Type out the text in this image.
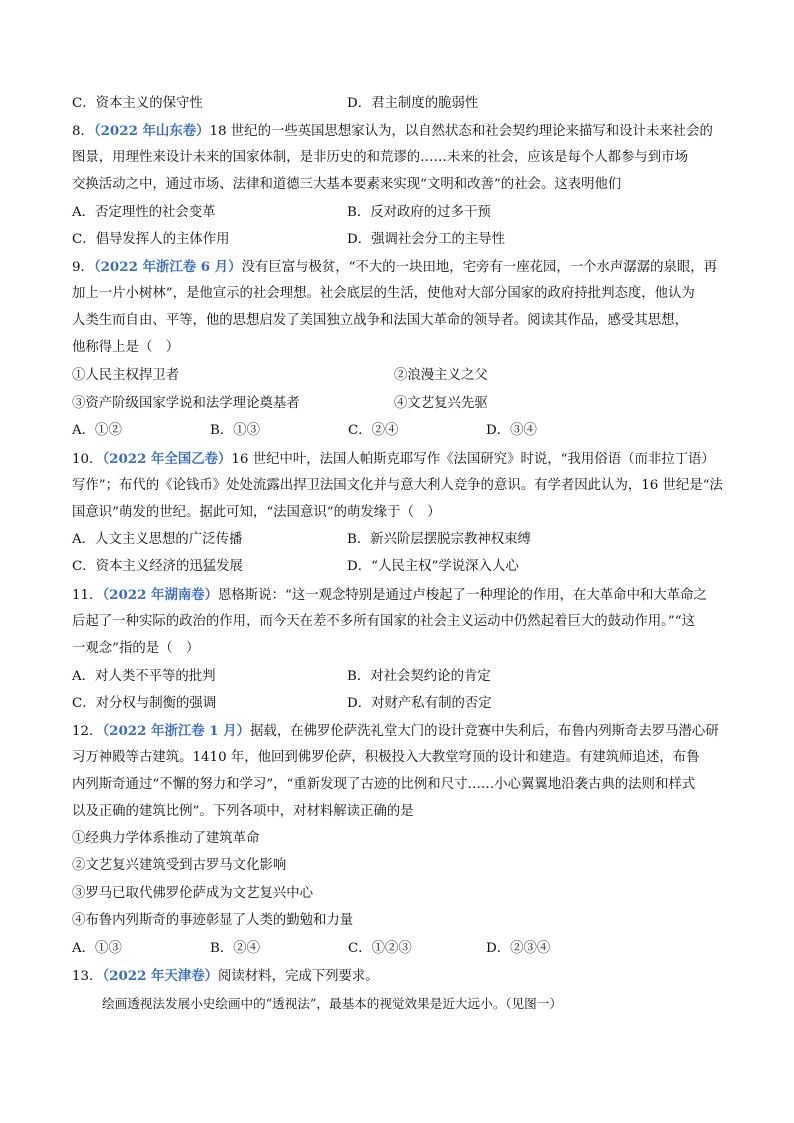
C．资本主义的保守性	D．君主制度的脆弱性
8．（2022 年山东卷）18 世纪的一些英国思想家认为，以自然状态和社会契约理论来描写和设计未来社会的
图景，用理性来设计未来的国家体制，是非历史的和荒谬的……未来的社会，应该是每个人都参与到市场
交换活动之中，通过市场、法律和道德三大基本要素来实现“文明和改善”的社会。这表明他们
A．否定理性的社会变革	B．反对政府的过多干预
C．倡导发挥人的主体作用	D．强调社会分工的主导性
9．（2022 年浙江卷 6 月）没有巨富与极贫，“不大的一块田地，宅旁有一座花园，一个水声潺潺的泉眼，再
加上一片小树林”，是他宣示的社会理想。社会底层的生活，使他对大部分国家的政府持批判态度，他认为
人类生而自由、平等，他的思想启发了美国独立战争和法国大革命的领导者。阅读其作品，感受其思想，
他称得上是（　）
①人民主权捍卫者	②浪漫主义之父
③资产阶级国家学说和法学理论奠基者	④文艺复兴先驱
A．①②	B．①③	C．②④	D．③④
10．（2022 年全国乙卷）16 世纪中叶，法国人帕斯克耶写作《法国研究》时说，“我用俗语（而非拉丁语）
写作”；布代的《论钱币》处处流露出捍卫法国文化并与意大利人竞争的意识。有学者因此认为，16 世纪是“法
国意识”萌发的世纪。据此可知，“法国意识”的萌发缘于（　）
A．人文主义思想的广泛传播	B．新兴阶层摆脱宗教神权束缚
C．资本主义经济的迅猛发展	D．“人民主权”学说深入人心
11．（2022 年湖南卷）恩格斯说：“这一观念特别是通过卢梭起了一种理论的作用，在大革命中和大革命之
后起了一种实际的政治的作用，而今天在差不多所有国家的社会主义运动中仍然起着巨大的鼓动作用。”“这
一观念”指的是（　）
A．对人类不平等的批判	B．对社会契约论的肯定
C．对分权与制衡的强调	D．对财产私有制的否定
12．（2022 年浙江卷 1 月）据载，在佛罗伦萨洗礼堂大门的设计竞赛中失利后，布鲁内列斯奇去罗马潜心研
习万神殿等古建筑。1410 年，他回到佛罗伦萨，积极投入大教堂穹顶的设计和建造。有建筑师追述，布鲁
内列斯奇通过“不懈的努力和学习”，“重新发现了古迹的比例和尺寸……小心翼翼地沿袭古典的法则和样式
以及正确的建筑比例”。下列各项中，对材料解读正确的是
①经典力学体系推动了建筑革命
②文艺复兴建筑受到古罗马文化影响
③罗马已取代佛罗伦萨成为文艺复兴中心
④布鲁内列斯奇的事迹彰显了人类的勤勉和力量
A．①③	B．②④	C．①②③	D．②③④
13．（2022 年天津卷）阅读材料，完成下列要求。
绘画透视法发展小史绘画中的“透视法”，最基本的视觉效果是近大远小。（见图一）
